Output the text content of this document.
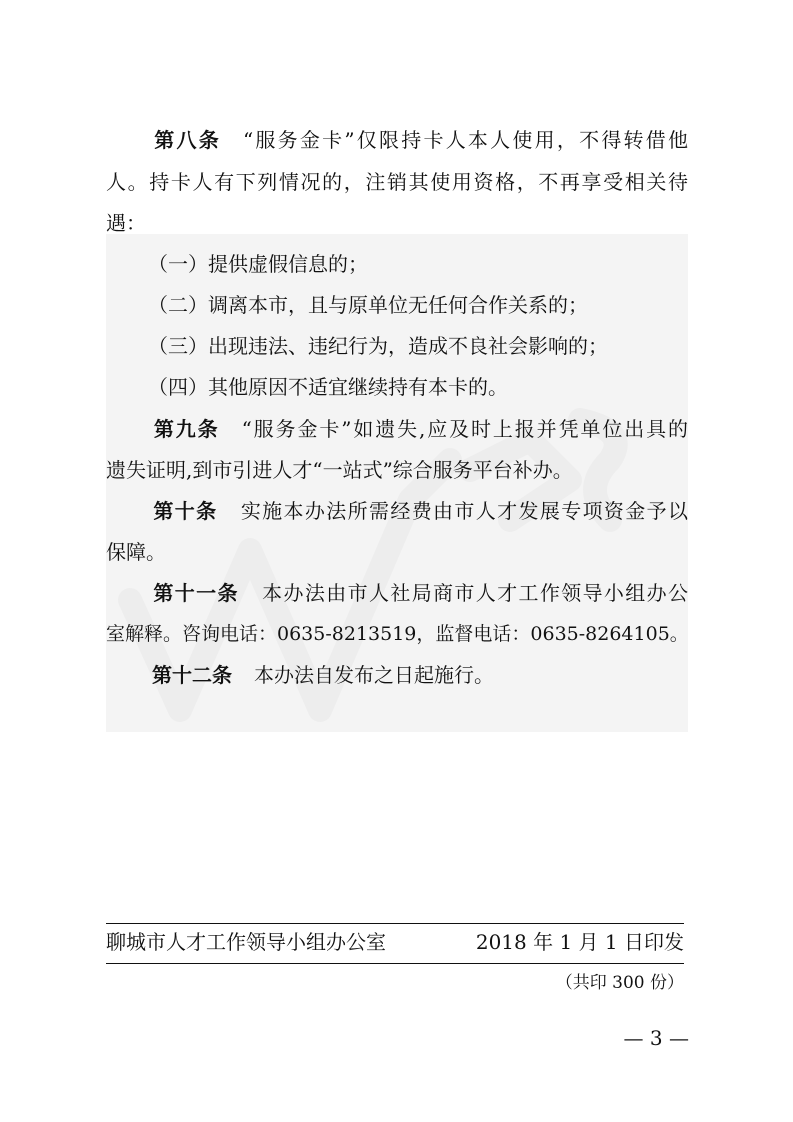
第八条 “服务金卡”仅限持卡人本人使用，不得转借他
人。持卡人有下列情况的，注销其使用资格，不再享受相关待
遇：
（一）提供虚假信息的；
（二）调离本市，且与原单位无任何合作关系的；
（三）出现违法、违纪行为，造成不良社会影响的；
（四）其他原因不适宜继续持有本卡的。
第九条 “服务金卡”如遗失,应及时上报并凭单位出具的
遗失证明,到市引进人才“一站式”综合服务平台补办。
第十条 实施本办法所需经费由市人才发展专项资金予以
保障。
第十一条 本办法由市人社局商市人才工作领导小组办公
室解释。咨询电话：0635-8213519，监督电话：0635-8264105。
第十二条 本办法自发布之日起施行。
聊城市人才工作领导小组办公室	2018 年 1 月 1 日印发
（共印 300 份）
— 3 —
